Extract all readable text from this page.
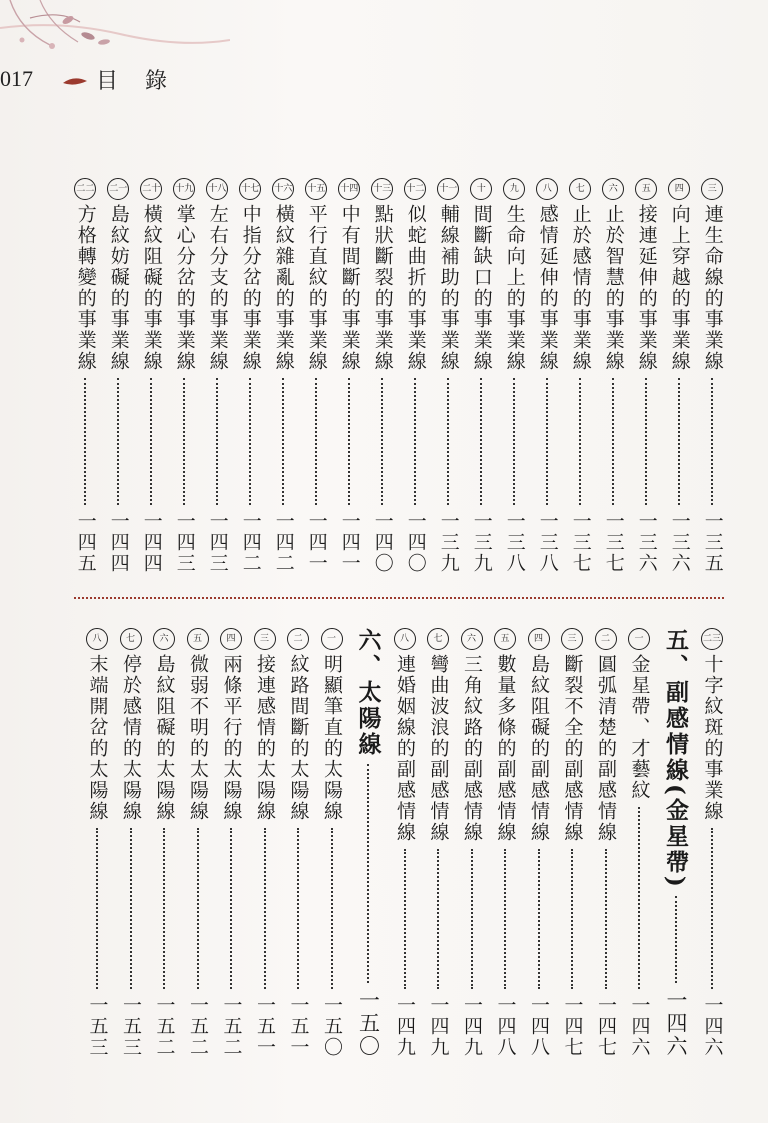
017	目 錄
三
連生命線的事業線
一三五
四
向上穿越的事業線
一三六
五
接連延伸的事業線
一三六
六
止於智慧的事業線
一三七
七
止於感情的事業線
一三七
八
感情延伸的事業線
一三八
九
生命向上的事業線
一三八
十
間斷缺口的事業線
一三九
十一
輔線補助的事業線
一三九
十二
似蛇曲折的事業線
一四〇
十三
點狀斷裂的事業線
一四〇
十四
中有間斷的事業線
一四一
十五
平行直紋的事業線
一四一
十六
橫紋雜亂的事業線
一四二
十七
中指分岔的事業線
一四二
十八
左右分支的事業線
一四三
十九
掌心分岔的事業線
一四三
二十
橫紋阻礙的事業線
一四四
二一
島紋妨礙的事業線
一四四
二二
方格轉變的事業線
一四五
二三
十字紋斑的事業線
一四六
五、副感情線(金星帶)
一四六
一
金星帶、才藝紋
一四六
二
圓弧清楚的副感情線
一四七
三
斷裂不全的副感情線
一四七
四
島紋阻礙的副感情線
一四八
五
數量多條的副感情線
一四八
六
三角紋路的副感情線
一四九
七
彎曲波浪的副感情線
一四九
八
連婚姻線的副感情線
一四九
六、太陽線
一五〇
一
明顯筆直的太陽線
一五〇
二
紋路間斷的太陽線
一五一
三
接連感情的太陽線
一五一
四
兩條平行的太陽線
一五二
五
微弱不明的太陽線
一五二
六
島紋阻礙的太陽線
一五二
七
停於感情的太陽線
一五三
八
末端開岔的太陽線
一五三
